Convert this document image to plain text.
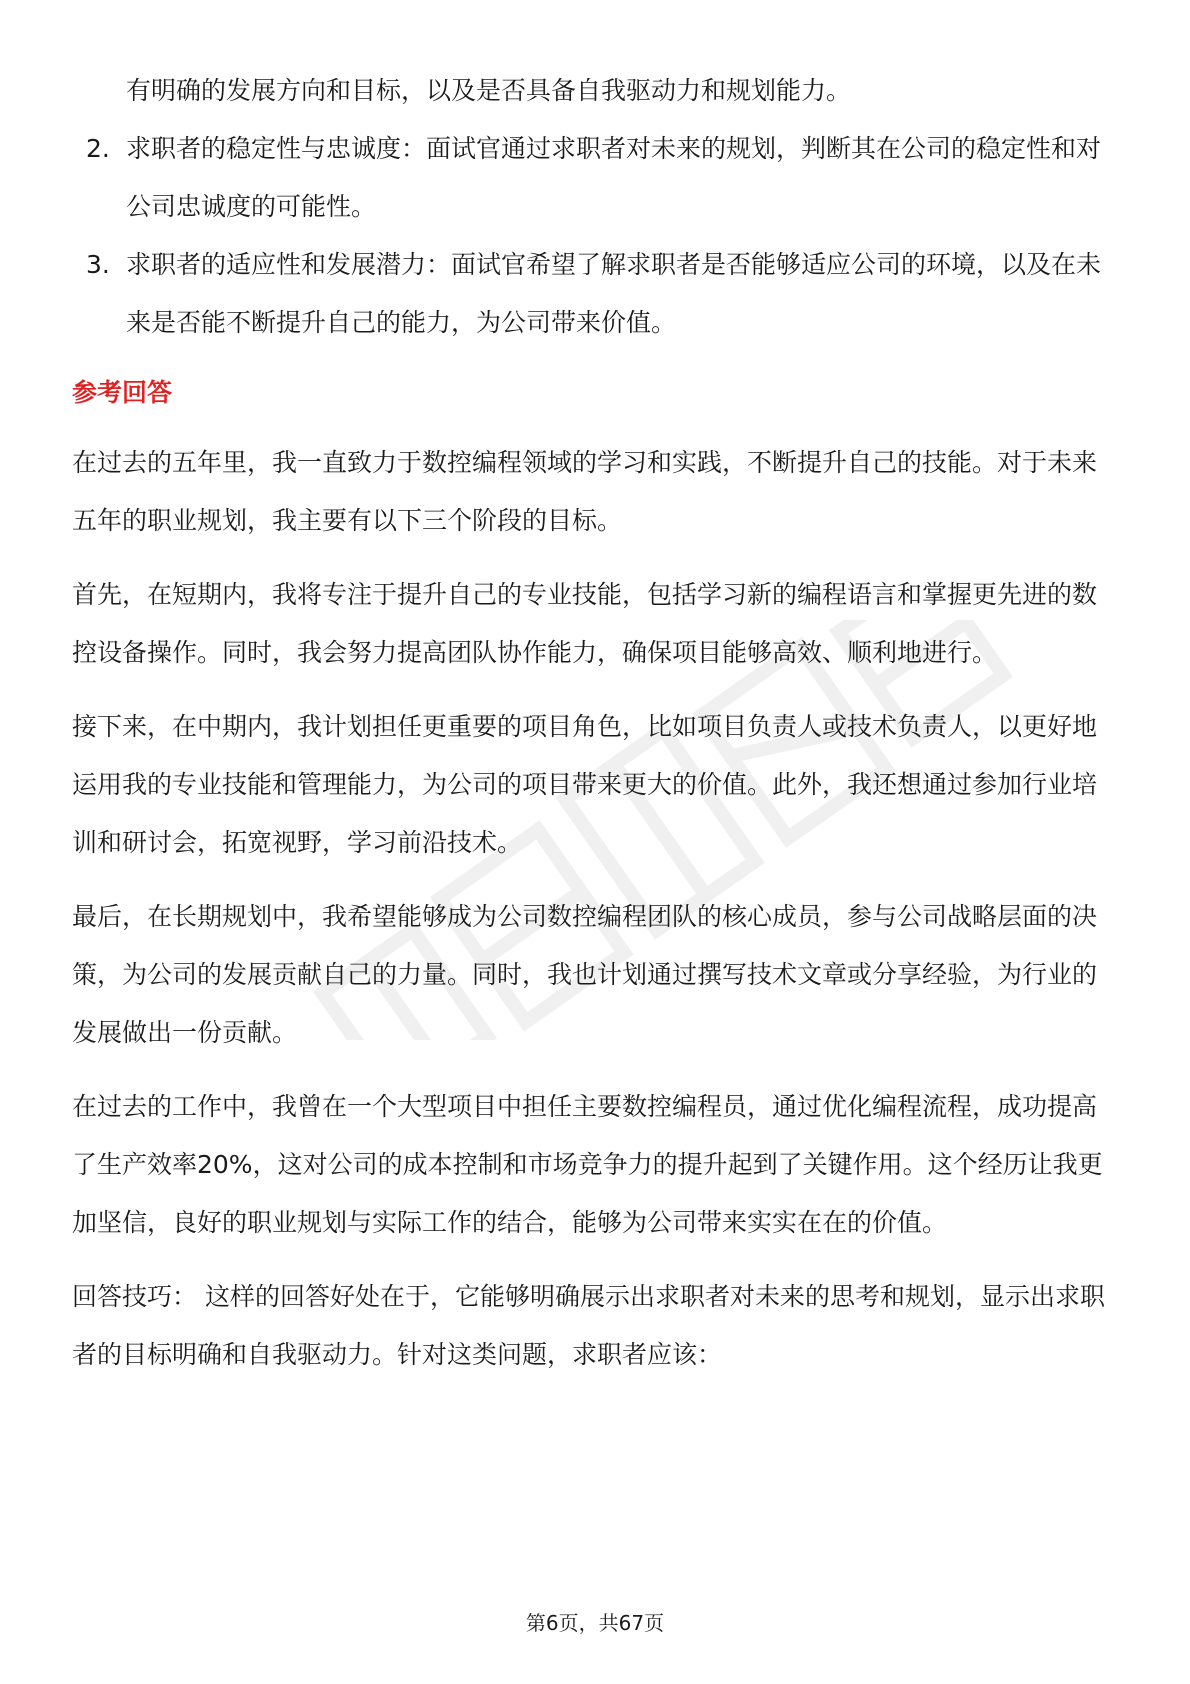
有明确的发展方向和目标，以及是否具备自我驱动力和规划能力。

2. 求职者的稳定性与忠诚度：面试官通过求职者对未来的规划，判断其在公司的稳定性和对公司忠诚度的可能性。
3. 求职者的适应性和发展潜力：面试官希望了解求职者是否能够适应公司的环境，以及在未来是否能不断提升自己的能力，为公司带来价值。
参考回答

在过去的五年里，我一直致力于数控编程领域的学习和实践，不断提升自己的技能。对于未来五年的职业规划，我主要有以下三个阶段的目标。

首先，在短期内，我将专注于提升自己的专业技能，包括学习新的编程语言和掌握更先进的数控设备操作。同时，我会努力提高团队协作能力，确保项目能够高效、顺利地进行。

接下来，在中期内，我计划担任更重要的项目角色，比如项目负责人或技术负责人，以更好地运用我的专业技能和管理能力，为公司的项目带来更大的价值。此外，我还想通过参加行业培训和研讨会，拓宽视野，学习前沿技术。

最后，在长期规划中，我希望能够成为公司数控编程团队的核心成员，参与公司战略层面的决策，为公司的发展贡献自己的力量。同时，我也计划通过撰写技术文章或分享经验，为行业的发展做出一份贡献。

在过去的工作中，我曾在一个大型项目中担任主要数控编程员，通过优化编程流程，成功提高了生产效率20%，这对公司的成本控制和市场竞争力的提升起到了关键作用。这个经历让我更加坚信，良好的职业规划与实际工作的结合，能够为公司带来实实在在的价值。

回答技巧： 这样的回答好处在于，它能够明确展示出求职者对未来的思考和规划，显示出求职者的目标明确和自我驱动力。针对这类问题，求职者应该：

第6页，共67页
